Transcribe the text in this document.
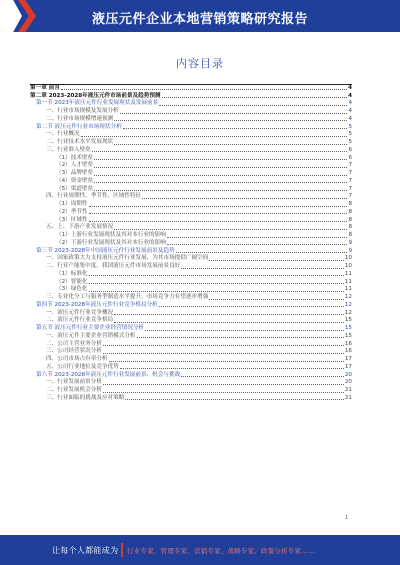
液压元件企业本地营销策略研究报告
内容目录
第一章 前言	4
第二章 2023-2028年液压元件市场前景及趋势预测	4
第一节 2023年液压元件行业发展现状及发展前景	4
一、行业市场规模及发展分析	4
二、行业市场规模增速预测	4
第二节 液压元件行业市场现状分析	5
一、行业概况	5
二、行业技术水平发展现状	5
三、行业准入壁垒	6
（1）技术壁垒	6
（2）人才壁垒	7
（3）品牌壁垒	7
（4）资金壁垒	7
（5）渠道壁垒	7
四、行业周期性、季节性、区域性特征	7
（1）周期性	8
（2）季节性	8
（3）区域性	8
五、上、下游产业发展情况	8
（1）上游行业发展现状及其对本行业的影响	8
（2）下游行业发展现状及其对本行业的影响	9
第三节 2023-2028年中国液压元件行业发展前景及趋势	9
一、国家政策大力支持液压元件行业发展，为其市场提供广阔空间	10
二、行业产能集中度，我国液压元件市场发展前景良好	10
（1）标准化	11
（2）智能化	11
（3）绿色化	11
三、专业化分工与服务型制造水平提升，市场竞争力有望逐步增强	12
第四节 2023-2028年液压元件行业竞争格局分析	12
一、液压元件行业竞争概况	12
二、液压元件行业竞争格局	15
第五节 液压元件行业主要企业经营情况分析	15
一、液压元件主要企业营销模式分析	15
二、公司主营业务分析	16
三、公司经营状况分析	16
四、公司市场占有率分析	17
五、公司行业地位及竞争优势	17
第六节 2023-2028年液压元件行业发展前景、机会与挑战	20
一、行业发展前景分析	20
二、行业发展机会分析	21
三、行业面临的挑战及应对策略	21
1
让每个人都能成为 行业专家、管理专家、营销专家、战略专家、政策分析专家……
